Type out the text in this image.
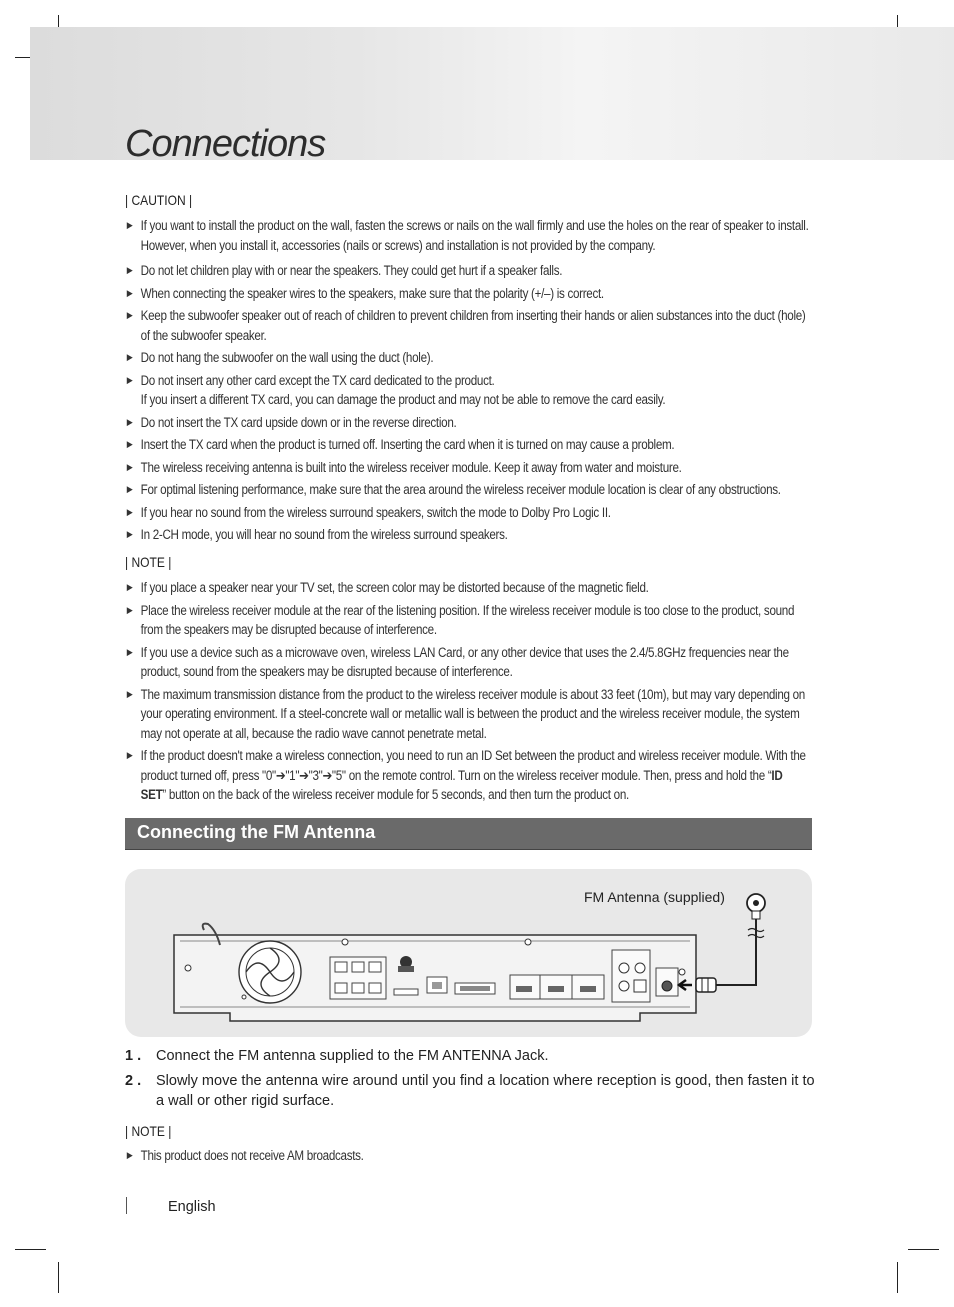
Connections
| CAUTION |
▶ If you want to install the product on the wall, fasten the screws or nails on the wall firmly and use the holes on the rear of speaker to install. However, when you install it, accessories (nails or screws) and installation is not provided by the company.
▶ Do not let children play with or near the speakers. They could get hurt if a speaker falls.
▶ When connecting the speaker wires to the speakers, make sure that the polarity (+/–) is correct.
▶ Keep the subwoofer speaker out of reach of children to prevent children from inserting their hands or alien substances into the duct (hole) of the subwoofer speaker.
▶ Do not hang the subwoofer on the wall using the duct (hole).
▶ Do not insert any other card except the TX card dedicated to the product.
If you insert a different TX card, you can damage the product and may not be able to remove the card easily.
▶ Do not insert the TX card upside down or in the reverse direction.
▶ Insert the TX card when the product is turned off. Inserting the card when it is turned on may cause a problem.
▶ The wireless receiving antenna is built into the wireless receiver module. Keep it away from water and moisture.
▶ For optimal listening performance, make sure that the area around the wireless receiver module location is clear of any obstructions.
▶ If you hear no sound from the wireless surround speakers, switch the mode to Dolby Pro Logic II.
▶ In 2-CH mode, you will hear no sound from the wireless surround speakers.
| NOTE |
▶ If you place a speaker near your TV set, the screen color may be distorted because of the magnetic field.
▶ Place the wireless receiver module at the rear of the listening position. If the wireless receiver module is too close to the product, sound from the speakers may be disrupted because of interference.
▶ If you use a device such as a microwave oven, wireless LAN Card, or any other device that uses the 2.4/5.8GHz frequencies near the product, sound from the speakers may be disrupted because of interference.
▶ The maximum transmission distance from the product to the wireless receiver module is about 33 feet (10m), but may vary depending on your operating environment. If a steel-concrete wall or metallic wall is between the product and the wireless receiver module, the system may not operate at all, because the radio wave cannot penetrate metal.
▶ If the product doesn't make a wireless connection, you need to run an ID Set between the product and wireless receiver module. With the product turned off, press "0"➔"1"➔"3"➔"5" on the remote control. Turn on the wireless receiver module. Then, press and hold the “ID SET” button on the back of the wireless receiver module for 5 seconds, and then turn the product on.
Connecting the FM Antenna
FM Antenna (supplied)
1 . Connect the FM antenna supplied to the FM ANTENNA Jack.
2 . Slowly move the antenna wire around until you find a location where reception is good, then fasten it to a wall or other rigid surface.
| NOTE |
▶ This product does not receive AM broadcasts.
English
